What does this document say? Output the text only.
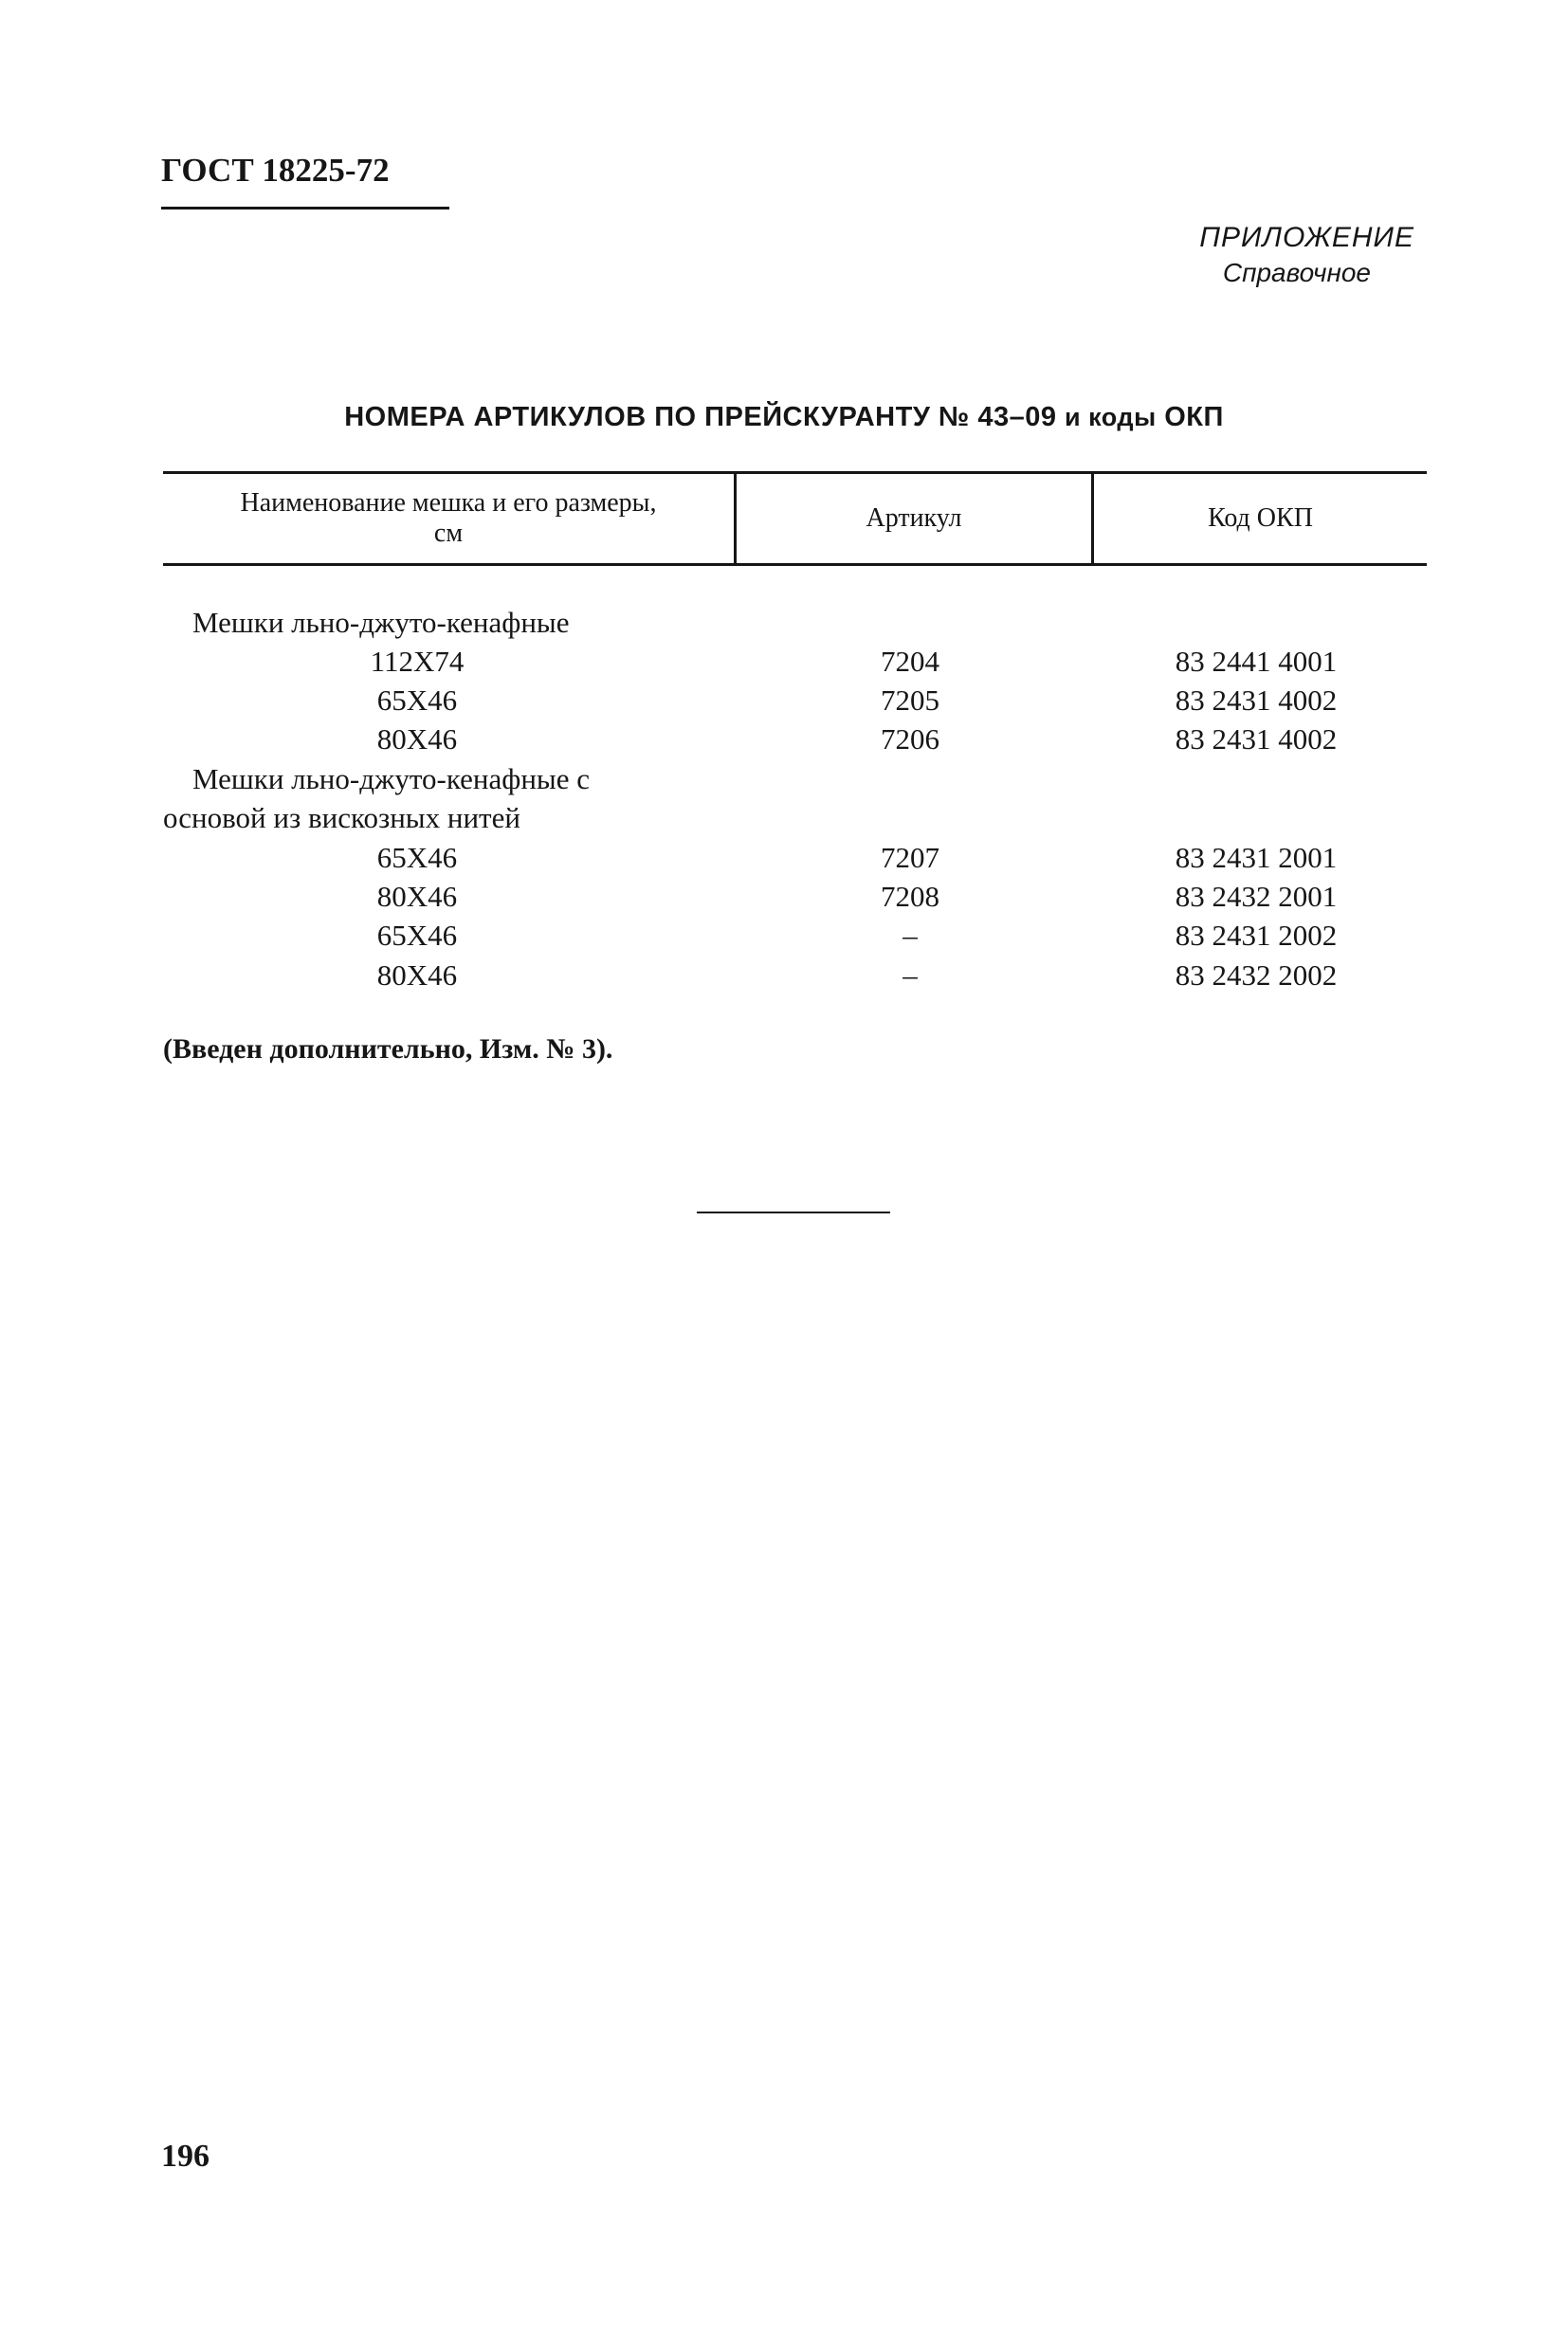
ГОСТ 18225-72
ПРИЛОЖЕНИЕ
Справочное
НОМЕРА АРТИКУЛОВ ПО ПРЕЙСКУРАНТУ № 43–09 и коды ОКП
Наименование мешка и его размеры, см
Артикул	Код ОКП
Мешки льно-джуто-кенафные
112Х74	7204	83 2441 4001
65Х46	7205	83 2431 4002
80Х46	7206	83 2431 4002
Мешки льно-джуто-кенафные с
основой из вискозных нитей
65Х46	7207	83 2431 2001
80Х46	7208	83 2432 2001
65Х46	–	83 2431 2002
80Х46	–	83 2432 2002
(Введен дополнительно, Изм. № 3).
196
